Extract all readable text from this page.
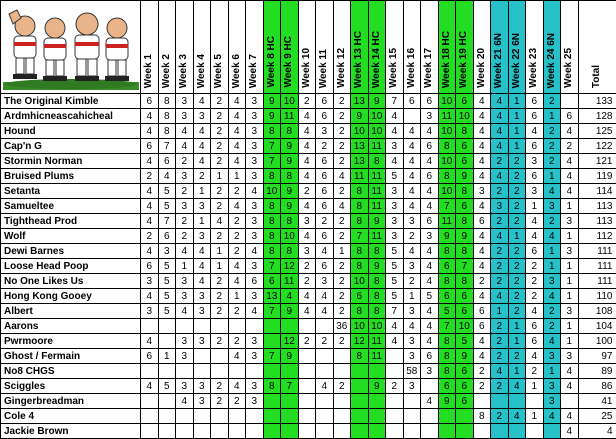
	Week 1	Week 2	Week 3	Week 4	Week 5	Week 6	Week 7	Week 8 HC	Week 9 HC	Week 10	Week 11	Week 12	Week 13 HC	Week 14 HC	Week 15	Week 16	Week 17	Week 18 HC	Week 19 HC	Week 20	Week 21 6N	Week 22 6N	Week 23	Week 24 6N	Week 25	Total
The Original Kimble	6	8	3	4	2	4	3	9	10	2	6	2	13	9	7	6	6	10	6	4	4	1	6	2		133
Ardmhicneascahicheal	4	8	3	3	2	4	3	9	11	4	6	2	9	10	4		3	11	10	4	4	1	6	1	6	128
Hound	4	8	4	4	2	4	3	8	8	4	3	2	10	10	4	4	4	10	8	4	4	1	4	2	4	125
Cap'n G	6	7	4	4	2	4	3	7	9	4	2	2	13	11	3	4	6	8	6	4	4	1	6	2	2	122
Stormin Norman	4	6	2	4	2	4	3	7	9	4	6	2	13	8	4	4	4	10	6	4	2	2	3	2	4	121
Bruised Plums	2	4	3	2	1	1	3	8	8	4	6	4	11	11	5	4	6	8	9	4	4	2	6	1	4	119
Setanta	4	5	2	1	2	2	4	10	9	2	6	2	8	11	3	4	4	10	8	3	2	2	3	4	4	114
Samueltee	4	5	3	3	2	4	3	8	9	4	6	4	8	11	3	4	4	7	6	4	3	2	1	3	1	113
Tighthead Prod	4	7	2	1	4	2	3	8	8	3	2	2	8	9	3	3	6	11	8	6	2	2	4	2	3	113
Wolf	2	6	2	3	2	2	3	8	10	4	6	2	7	11	3	2	3	9	9	4	4	1	4	4	1	112
Dewi Barnes	4	3	4	4	1	2	4	8	8	3	4	1	8	8	5	4	4	8	8	4	2	2	6	1	3	111
Loose Head Poop	6	5	1	4	1	4	3	7	12	2	6	2	8	9	5	3	4	6	7	4	2	2	2	1	1	111
No One Likes Us	3	5	3	4	2	4	6	6	11	2	3	2	10	8	5	2	4	8	8	2	2	2	2	3	1	111
Hong Kong Gooey	4	5	3	3	2	1	3	13	4	4	4	2	6	8	5	1	5	6	6	4	4	2	2	4	1	110
Albert	3	5	4	3	2	2	4	7	9	4	4	2	8	8	7	3	4	5	6	6	1	2	4	2	3	108
Aarons												36	10	10	4	4	4	7	10	6	2	1	6	2	1	104
Pwrmoore	4		3	3	2	2	3		12	2	2	2	12	11	4	3	4	8	5	4	2	1	6	4	1	100
Ghost / Fermain	6	1	3			4	3	7	9				8	11		3	6	8	9	4	2	2	4	3	3	97
No8 CHGS																58	3	8	6	2	4	1	2	1	4	89
Sciggles	4	5	3	3	2	4	3	8	7		4	2		9	2	3		6	6	2	2	4	1	3	4	86
Gingerbreadman			4	3	2	2	3										4	9	6					3		41
Cole 4																				8	2	4	1	4	4	25
Jackie Brown																									4	4
